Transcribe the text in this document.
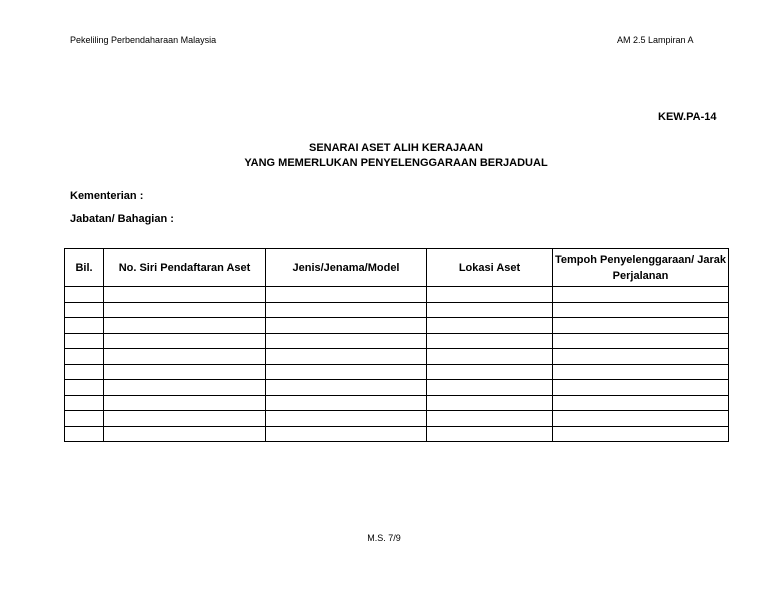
Pekeliling Perbendaharaan Malaysia	AM 2.5 Lampiran A
KEW.PA-14
SENARAI ASET ALIH KERAJAAN
YANG MEMERLUKAN PENYELENGGARAAN BERJADUAL
Kementerian :
Jabatan/ Bahagian :
Bil.	No. Siri Pendaftaran Aset	Jenis/Jenama/Model	Lokasi Aset	Tempoh Penyelenggaraan/ Jarak Perjalanan

M.S. 7/9
